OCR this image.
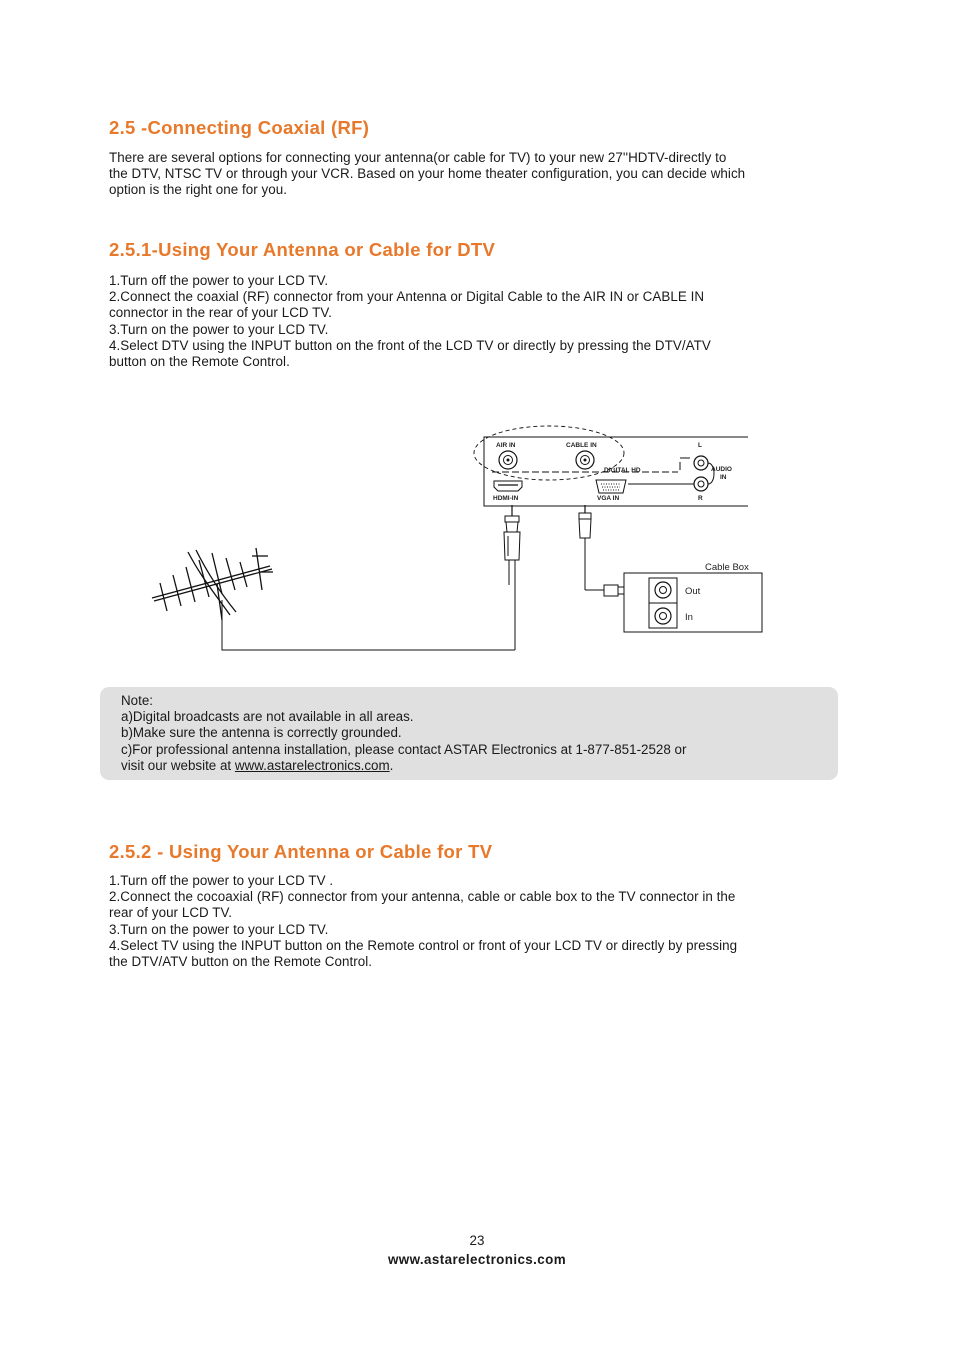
2.5 -Connecting Coaxial (RF)
There are several options for connecting your antenna(or cable for TV) to your new 27''HDTV-directly to
the DTV, NTSC TV or through your VCR. Based on your home theater configuration, you can decide which
option is the right one for you.
2.5.1-Using Your Antenna or Cable for DTV
1.Turn off the power to your LCD TV.
2.Connect the coaxial (RF) connector from your Antenna or Digital Cable to the AIR IN or CABLE IN
connector in the rear of your LCD TV.
3.Turn on the power to your LCD TV.
4.Select DTV using the INPUT button on the front of the LCD TV or directly by pressing the DTV/ATV
button on the Remote Control.
AIR IN	CABLE IN
HDMI-IN	VGA IN
DIGITAL HD
L
R
AUDIO
IN
Cable Box
Out
In
Note:
a)Digital broadcasts are not available in all areas.
b)Make sure the antenna is correctly grounded.
c)For professional antenna installation, please contact ASTAR Electronics at 1-877-851-2528 or
visit our website at www.astarelectronics.com.
2.5.2 - Using Your Antenna or Cable for TV
1.Turn off the power to your LCD TV .
2.Connect the cocoaxial (RF) connector from your antenna, cable or cable box to the TV connector in the
rear of your LCD TV.
3.Turn on the power to your LCD TV.
4.Select TV using the INPUT button on the Remote control or front of your LCD TV or directly by pressing
the DTV/ATV button on the Remote Control.
23
www.astarelectronics.com
